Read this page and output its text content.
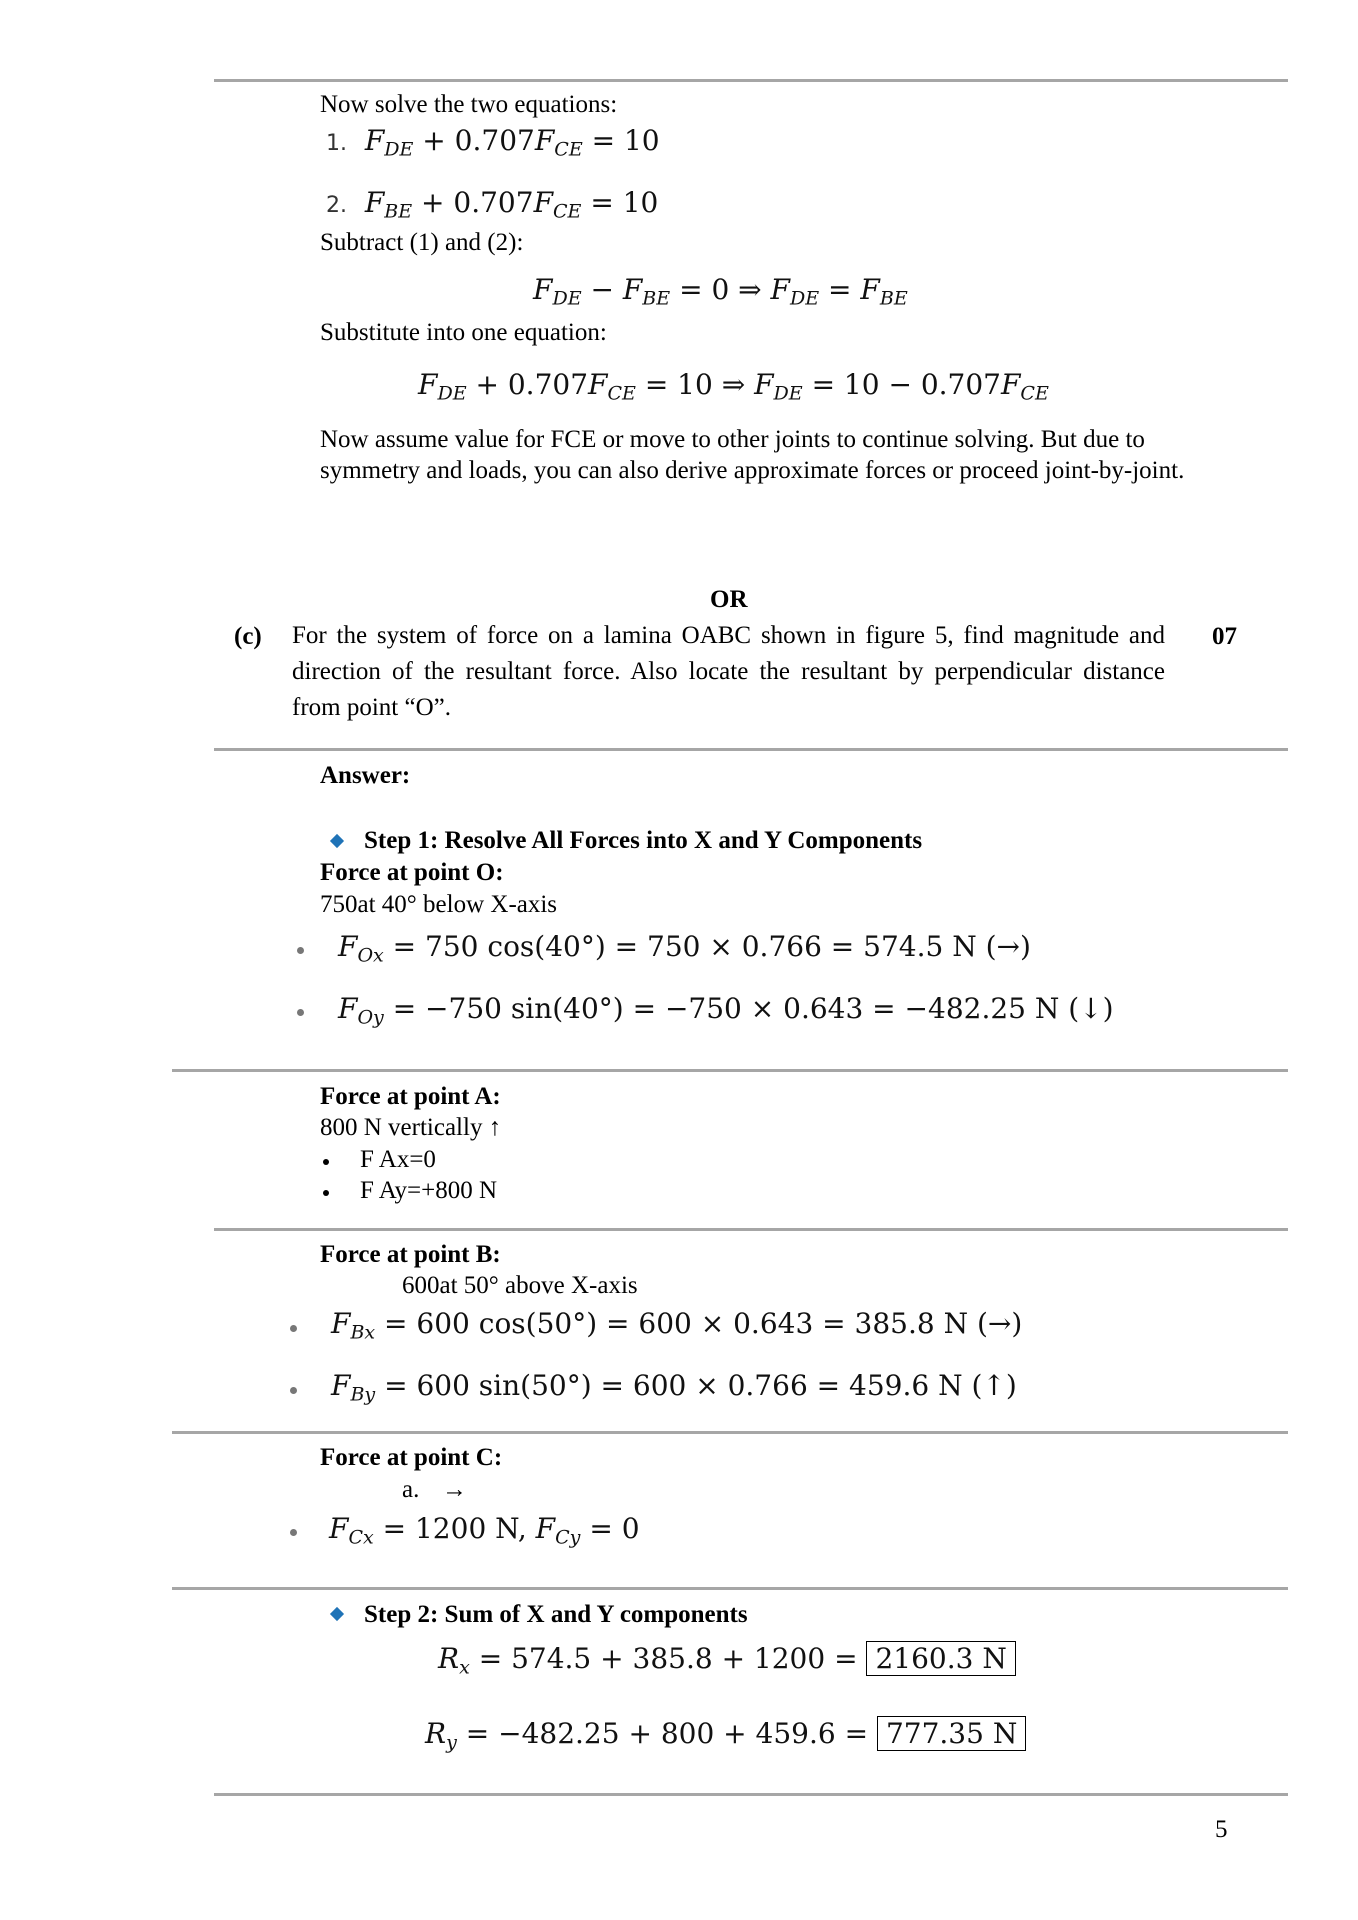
Now solve the two equations:
1. $F_{DE} + 0.707F_{CE} = 10$
2. $F_{BE} + 0.707F_{CE} = 10$
Subtract (1) and (2):
$F_{DE} - F_{BE} = 0$ ⇒ $F_{DE} = F_{BE}$
Substitute into one equation:
$F_{DE} + 0.707F_{CE} = 10$ ⇒ $F_{DE} = 10 - 0.707F_{CE}$
Now assume value for FCE or move to other joints to continue solving. But due to symmetry and loads, you can also derive approximate forces or proceed joint-by-joint.
OR
(c) For the system of force on a lamina OABC shown in figure 5, find magnitude and direction of the resultant force. Also locate the resultant by perpendicular distance from point “O”.
07
Answer:
Step 1: Resolve All Forces into X and Y Components
Force at point O:
750at 40° below X-axis
$F_{Ox} = 750$ cos(40°) = 750 × 0.766 = 574.5 N (→)
$F_{Oy} = -750$ sin(40°) = −750 × 0.643 = −482.25 N (↓)
Force at point A:
800 N vertically ↑
F Ax=0
F Ay=+800 N
Force at point B:
600at 50° above X-axis
$F_{Bx} = 600$ cos(50°) = 600 × 0.643 = 385.8 N (→)
$F_{By} = 600$ sin(50°) = 600 × 0.766 = 459.6 N (↑)
Force at point C:
a. →
$F_{Cx} = 1200$ N, $F_{Cy} = 0$
Step 2: Sum of X and Y components
$R_x = 574.5 + 385.8 + 1200 = 2160.3$ N
$R_y = -482.25 + 800 + 459.6 = 777.35$ N
5
